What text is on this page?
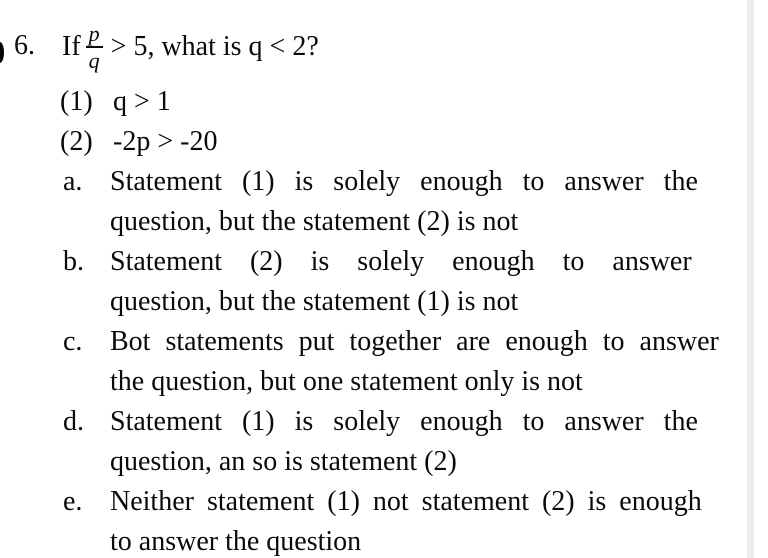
6. If $\frac{p}{q} > 5$, what is q < 2?
(1) q > 1
(2) -2p > -20
a. Statement (1) is solely enough to answer the
question, but the statement (2) is not
b. Statement (2) is solely enough to answer
question, but the statement (1) is not
c. Bot statements put together are enough to answer
the question, but one statement only is not
d. Statement (1) is solely enough to answer the
question, an so is statement (2)
e. Neither statement (1) not statement (2) is enough
to answer the question
